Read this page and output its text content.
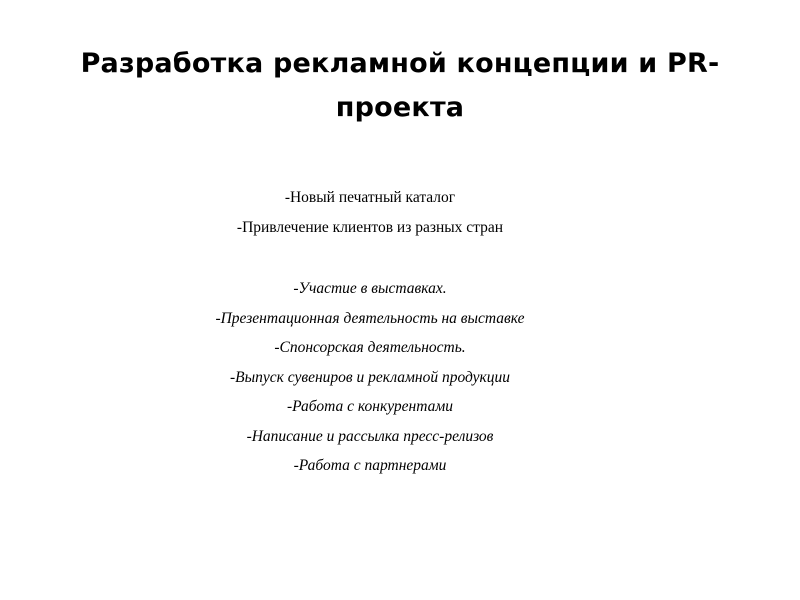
Разработка рекламной концепции и PR-
проекта
-Новый печатный каталог
-Привлечение клиентов из разных стран
-Участие в выставках.
-Презентационная деятельность на выставке
-Спонсорская деятельность.
-Выпуск сувениров и рекламной продукции
-Работа с конкурентами
-Написание и рассылка пресс-релизов
-Работа с партнерами
